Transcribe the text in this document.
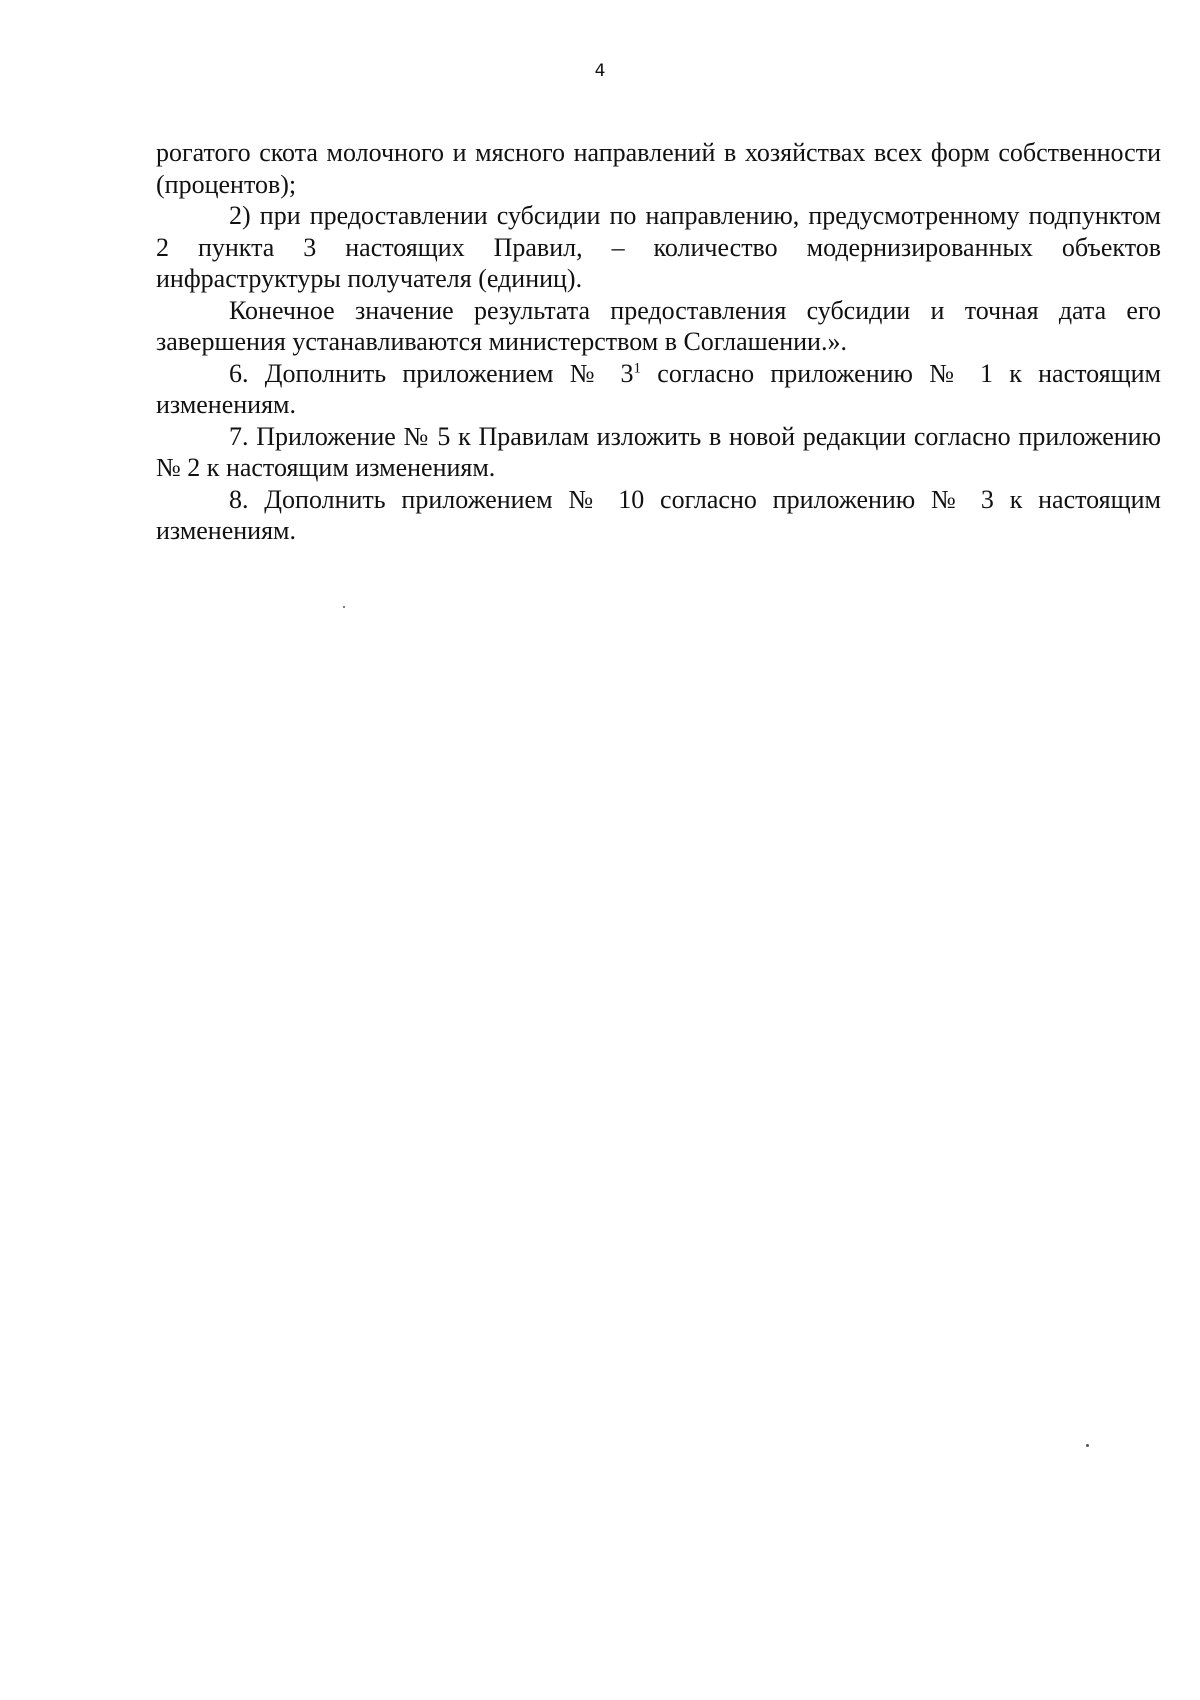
4

рогатого скота молочного и мясного направлений в хозяйствах всех форм собственности (процентов);

2) при предоставлении субсидии по направлению, предусмотренному подпунктом 2 пункта 3 настоящих Правил, – количество модернизированных объектов инфраструктуры получателя (единиц).

Конечное значение результата предоставления субсидии и точная дата его завершения устанавливаются министерством в Соглашении.».

6. Дополнить приложением № $3^1$ согласно приложению № 1 к настоящим изменениям.

7. Приложение № 5 к Правилам изложить в новой редакции согласно приложению № 2 к настоящим изменениям.

8. Дополнить приложением № 10 согласно приложению № 3 к настоящим изменениям.
